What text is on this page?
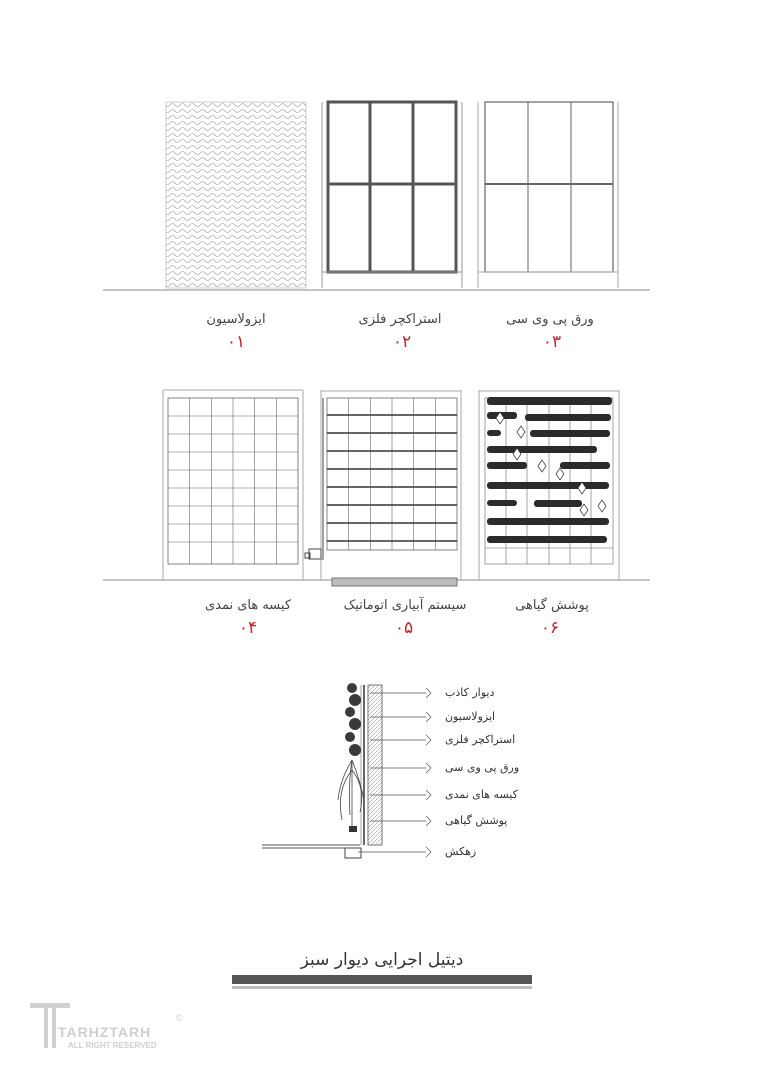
ایزولاسیون
۰۱
استراکچر فلزی
۰۲
ورق پی وی سی
۰۳
کیسه های نمدی
۰۴
سیستم آبیاری اتوماتیک
۰۵
پوشش گیاهی
۰۶
دیوار کاذب
ایزولاسیون
استراکچر فلزی
ورق پی وی سی
کیسه های نمدی
پوشش گیاهی
زهکش
دیتیل اجرایی دیوار سبز
TARHZTARH
©
ALL RIGHT RESERVED
